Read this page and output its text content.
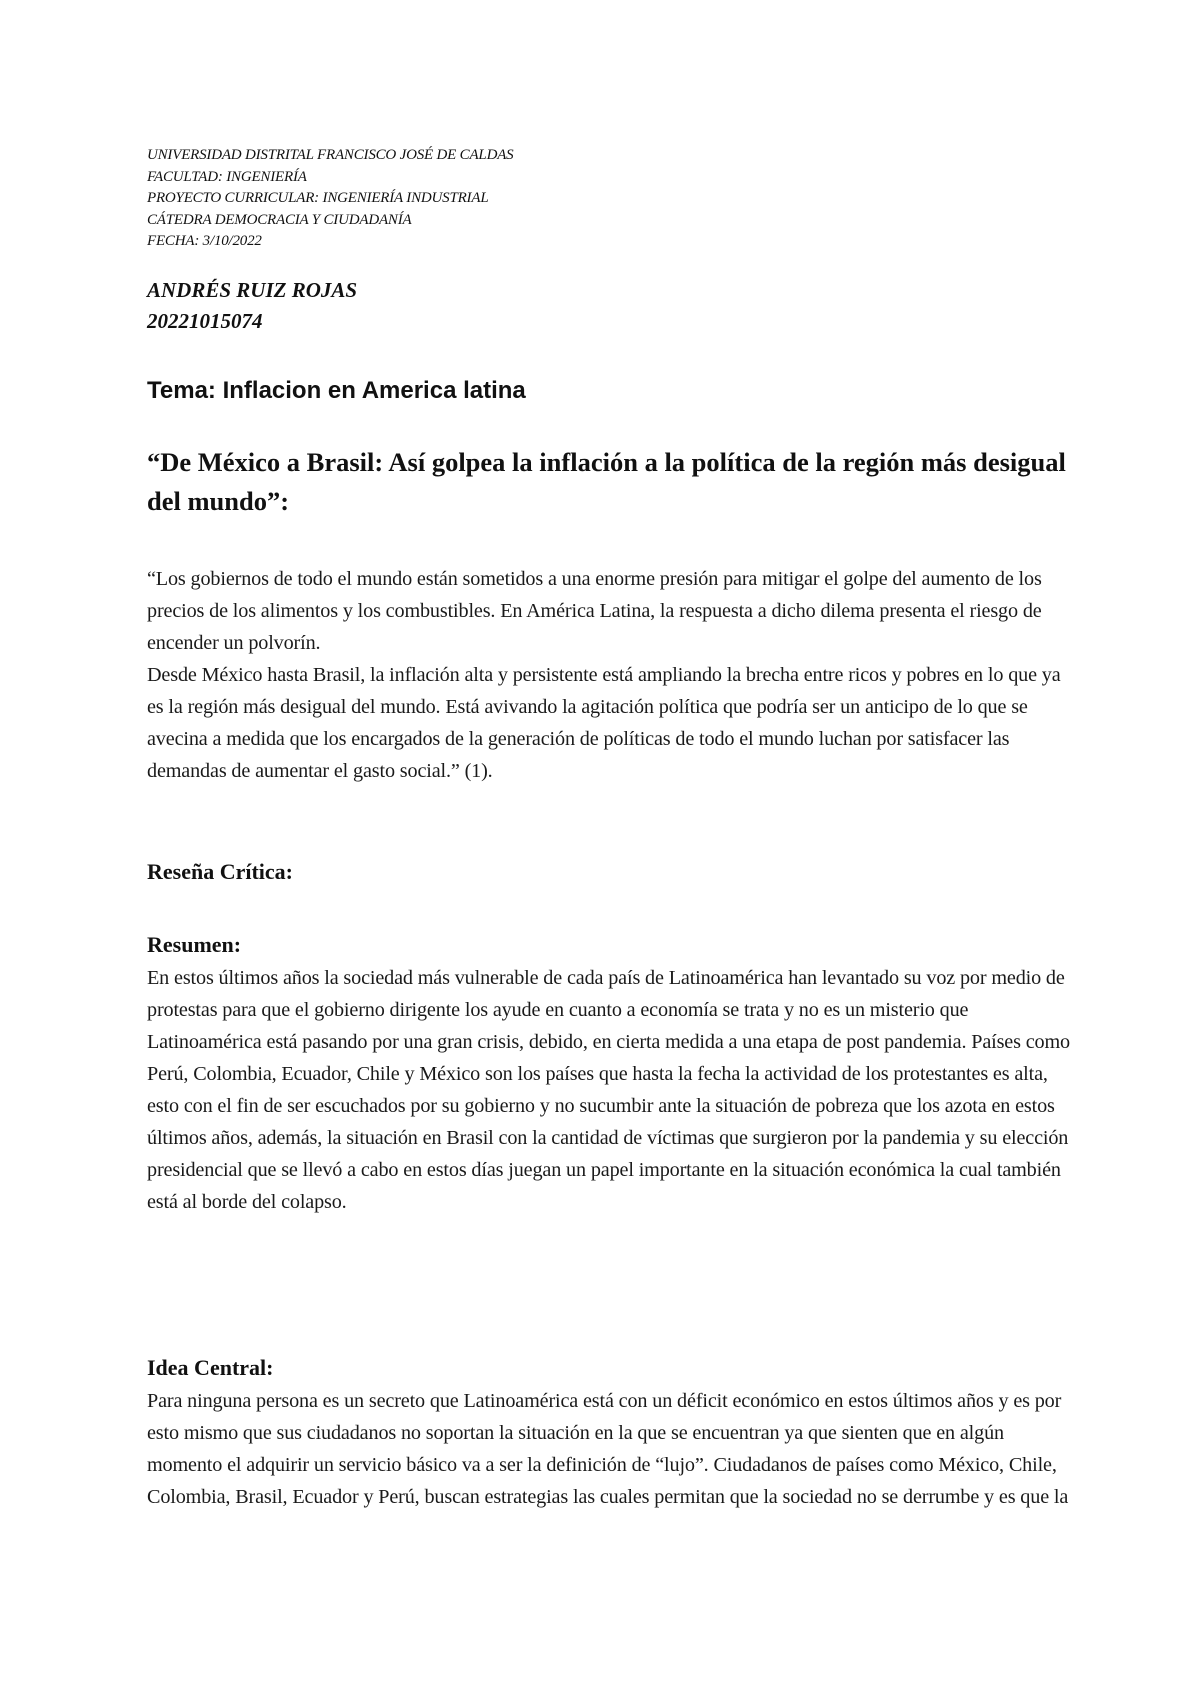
UNIVERSIDAD DISTRITAL FRANCISCO JOSÉ DE CALDAS
FACULTAD: INGENIERÍA
PROYECTO CURRICULAR: INGENIERÍA INDUSTRIAL
CÁTEDRA DEMOCRACIA Y CIUDADANÍA
FECHA: 3/10/2022
ANDRÉS RUIZ ROJAS
20221015074
Tema: Inflacion en America latina
“De México a Brasil: Así golpea la inflación a la política de la región más desigual del mundo”:

“Los gobiernos de todo el mundo están sometidos a una enorme presión para mitigar el golpe del aumento de los precios de los alimentos y los combustibles. En América Latina, la respuesta a dicho dilema presenta el riesgo de encender un polvorín.

Desde México hasta Brasil, la inflación alta y persistente está ampliando la brecha entre ricos y pobres en lo que ya es la región más desigual del mundo. Está avivando la agitación política que podría ser un anticipo de lo que se avecina a medida que los encargados de la generación de políticas de todo el mundo luchan por satisfacer las demandas de aumentar el gasto social.” (1).

Reseña Crítica:
Resumen:
En estos últimos años la sociedad más vulnerable de cada país de Latinoamérica han levantado su voz por medio de protestas para que el gobierno dirigente los ayude en cuanto a economía se trata y no es un misterio que Latinoamérica está pasando por una gran crisis, debido, en cierta medida a una etapa de post pandemia. Países como Perú, Colombia, Ecuador, Chile y México son los países que hasta la fecha la actividad de los protestantes es alta, esto con el fin de ser escuchados por su gobierno y no sucumbir ante la situación de pobreza que los azota en estos últimos años, además, la situación en Brasil con la cantidad de víctimas que surgieron por la pandemia y su elección presidencial que se llevó a cabo en estos días juegan un papel importante en la situación económica la cual también está al borde del colapso.
Idea Central:
Para ninguna persona es un secreto que Latinoamérica está con un déficit económico en estos últimos años y es por esto mismo que sus ciudadanos no soportan la situación en la que se encuentran ya que sienten que en algún momento el adquirir un servicio básico va a ser la definición de “lujo”. Ciudadanos de países como México, Chile, Colombia, Brasil, Ecuador y Perú, buscan estrategias las cuales permitan que la sociedad no se derrumbe y es que la
